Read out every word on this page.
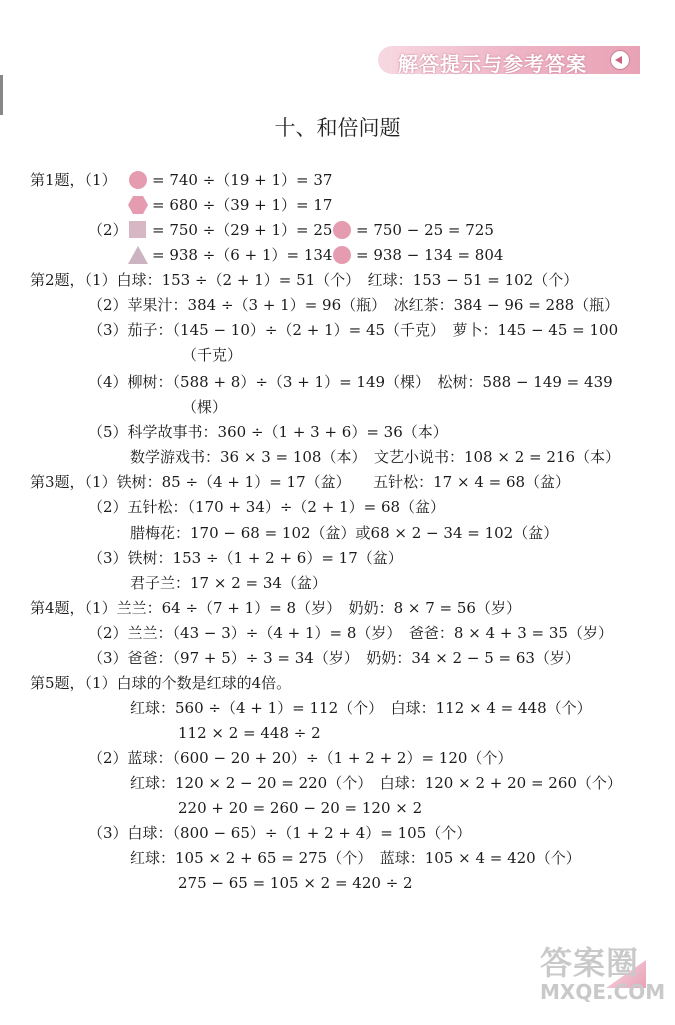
解答提示与参考答案
十、和倍问题
第1题，（1） = 740 ÷（19 + 1）= 37
= 680 ÷（39 + 1）= 17
（2） = 750 ÷（29 + 1）= 25 = 750 − 25 = 725
= 938 ÷（6 + 1）= 134 = 938 − 134 = 804
第2题，（1）白球：153 ÷（2 + 1）= 51（个）　红球：153 − 51 = 102（个）
（2）苹果汁：384 ÷（3 + 1）= 96（瓶）　冰红茶：384 − 96 = 288（瓶）
（3）茄子：（145 − 10）÷（2 + 1）= 45（千克）　萝卜：145 − 45 = 100
（千克）
（4）柳树：（588 + 8）÷（3 + 1）= 149（棵）　松树：588 − 149 = 439
（棵）
（5）科学故事书：360 ÷（1 + 3 + 6）= 36（本）
数学游戏书：36 × 3 = 108（本）　文艺小说书：108 × 2 = 216（本）
第3题，（1）铁树：85 ÷（4 + 1）= 17（盆）　　五针松：17 × 4 = 68（盆）
（2）五针松：（170 + 34）÷（2 + 1）= 68（盆）
腊梅花：170 − 68 = 102（盆）或68 × 2 − 34 = 102（盆）
（3）铁树：153 ÷（1 + 2 + 6）= 17（盆）
君子兰：17 × 2 = 34（盆）
第4题，（1）兰兰：64 ÷（7 + 1）= 8（岁）　奶奶：8 × 7 = 56（岁）
（2）兰兰：（43 − 3）÷（4 + 1）= 8（岁）　爸爸：8 × 4 + 3 = 35（岁）
（3）爸爸：（97 + 5）÷ 3 = 34（岁）　奶奶：34 × 2 − 5 = 63（岁）
第5题，（1）白球的个数是红球的4倍。
红球：560 ÷（4 + 1）= 112（个）　白球：112 × 4 = 448（个）
112 × 2 = 448 ÷ 2
（2）蓝球：（600 − 20 + 20）÷（1 + 2 + 2）= 120（个）
红球：120 × 2 − 20 = 220（个）　白球：120 × 2 + 20 = 260（个）
220 + 20 = 260 − 20 = 120 × 2
（3）白球：（800 − 65）÷（1 + 2 + 4）= 105（个）
红球：105 × 2 + 65 = 275（个）　蓝球：105 × 4 = 420（个）
275 − 65 = 105 × 2 = 420 ÷ 2
答案圈
MXQE.COM
